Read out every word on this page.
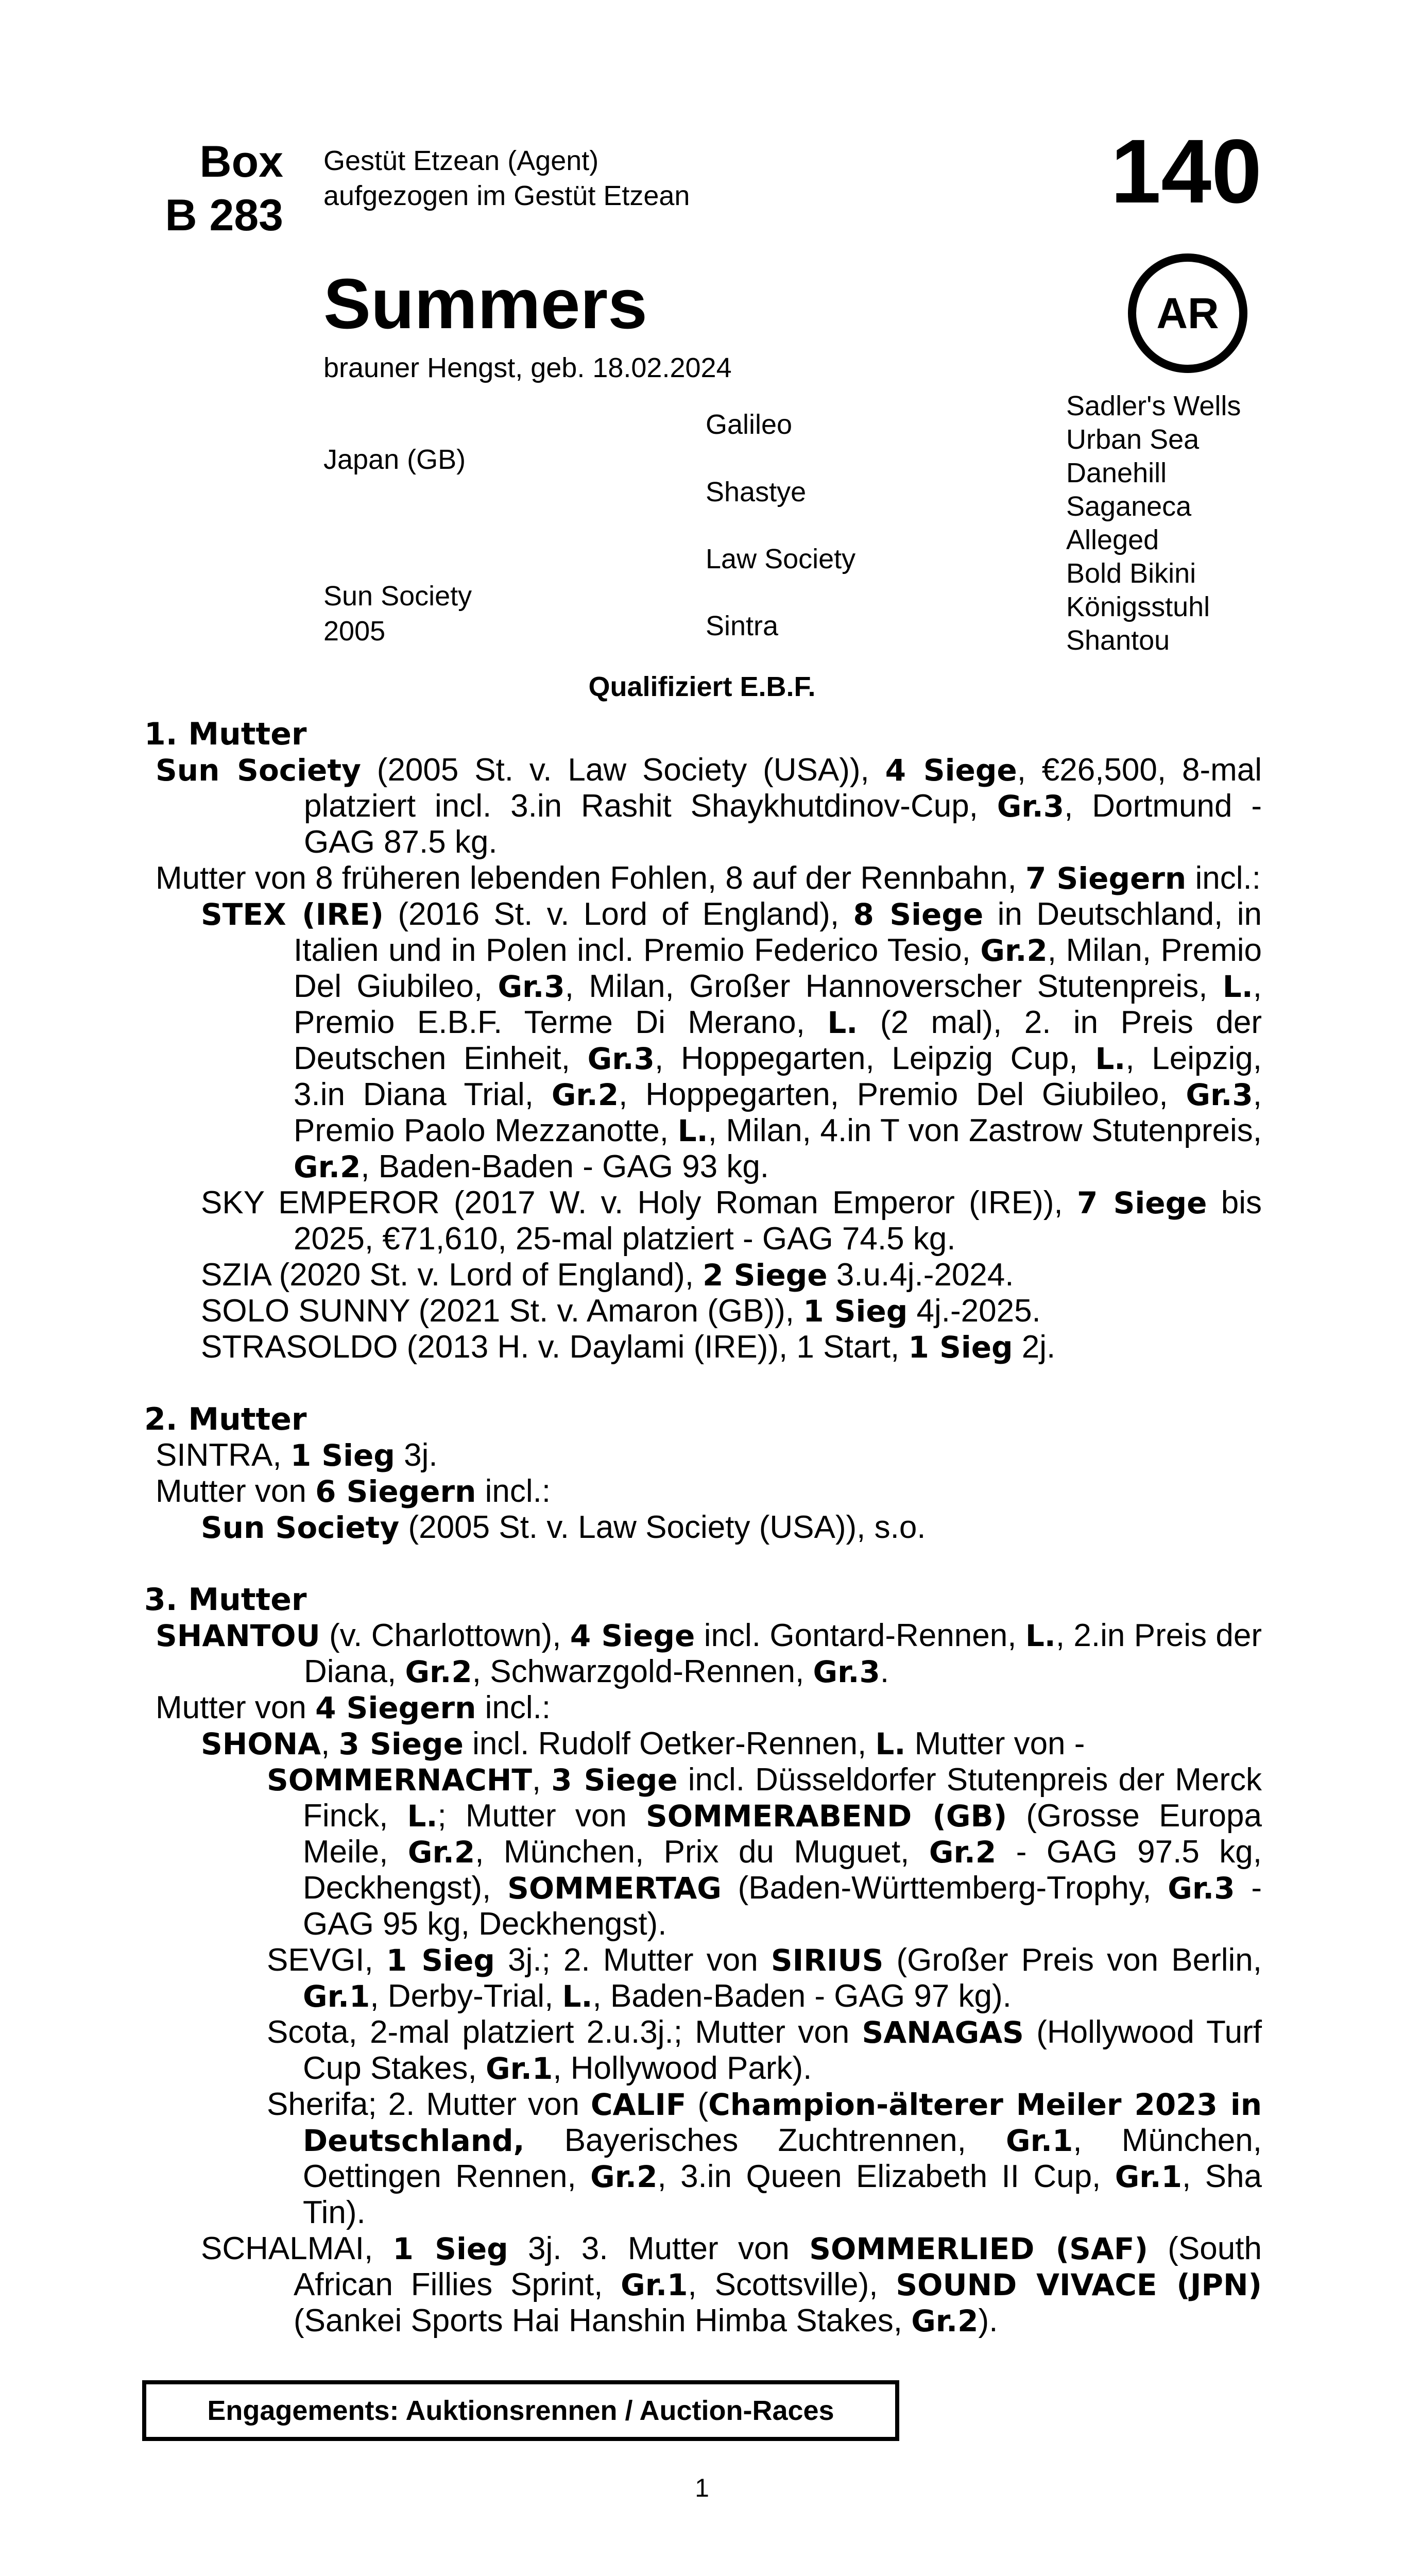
Box
B 283
Gestüt Etzean (Agent)
aufgezogen im Gestüt Etzean	140
Summers	AR
brauner Hengst, geb. 18.02.2024
Japan (GB)
Sun Society
2005
Galileo
Shastye
Law Society
Sintra
Sadler's Wells
Urban Sea
Danehill
Saganeca
Alleged
Bold Bikini
Königsstuhl
Shantou
Qualifiziert E.B.F.
1. Mutter
Sun Society (2005 St. v. Law Society (USA)), 4 Siege, €26,500, 8-mal platziert incl. 3.in Rashit Shaykhutdinov-Cup, Gr.3, Dortmund - GAG 87.5 kg.
Mutter von 8 früheren lebenden Fohlen, 8 auf der Rennbahn, 7 Siegern incl.:
STEX (IRE) (2016 St. v. Lord of England), 8 Siege in Deutschland, in Italien und in Polen incl. Premio Federico Tesio, Gr.2, Milan, Premio Del Giubileo, Gr.3, Milan, Großer Hannoverscher Stutenpreis, L., Premio E.B.F. Terme Di Merano, L. (2 mal), 2. in Preis der Deutschen Einheit, Gr.3, Hoppegarten, Leipzig Cup, L., Leipzig, 3.in Diana Trial, Gr.2, Hoppegarten, Premio Del Giubileo, Gr.3, Premio Paolo Mezzanotte, L., Milan, 4.in T von Zastrow Stutenpreis, Gr.2, Baden-Baden - GAG 93 kg.
SKY EMPEROR (2017 W. v. Holy Roman Emperor (IRE)), 7 Siege bis 2025, €71,610, 25-mal platziert - GAG 74.5 kg.
SZIA (2020 St. v. Lord of England), 2 Siege 3.u.4j.-2024.
SOLO SUNNY (2021 St. v. Amaron (GB)), 1 Sieg 4j.-2025.
STRASOLDO (2013 H. v. Daylami (IRE)), 1 Start, 1 Sieg 2j.
2. Mutter
SINTRA, 1 Sieg 3j.
Mutter von 6 Siegern incl.:
Sun Society (2005 St. v. Law Society (USA)), s.o.
3. Mutter
SHANTOU (v. Charlottown), 4 Siege incl. Gontard-Rennen, L., 2.in Preis der Diana, Gr.2, Schwarzgold-Rennen, Gr.3.
Mutter von 4 Siegern incl.:
SHONA, 3 Siege incl. Rudolf Oetker-Rennen, L. Mutter von -
SOMMERNACHT, 3 Siege incl. Düsseldorfer Stutenpreis der Merck Finck, L.; Mutter von SOMMERABEND (GB) (Grosse Europa Meile, Gr.2, München, Prix du Muguet, Gr.2 - GAG 97.5 kg, Deckhengst), SOMMERTAG (Baden-Württemberg-Trophy, Gr.3 - GAG 95 kg, Deckhengst).
SEVGI, 1 Sieg 3j.; 2. Mutter von SIRIUS (Großer Preis von Berlin, Gr.1, Derby-Trial, L., Baden-Baden - GAG 97 kg).
Scota, 2-mal platziert 2.u.3j.; Mutter von SANAGAS (Hollywood Turf Cup Stakes, Gr.1, Hollywood Park).
Sherifa; 2. Mutter von CALIF (Champion-älterer Meiler 2023 in Deutschland, Bayerisches Zuchtrennen, Gr.1, München, Oettingen Rennen, Gr.2, 3.in Queen Elizabeth II Cup, Gr.1, Sha Tin).
SCHALMAI, 1 Sieg 3j. 3. Mutter von SOMMERLIED (SAF) (South African Fillies Sprint, Gr.1, Scottsville), SOUND VIVACE (JPN) (Sankei Sports Hai Hanshin Himba Stakes, Gr.2).
Engagements: Auktionsrennen / Auction-Races
1
